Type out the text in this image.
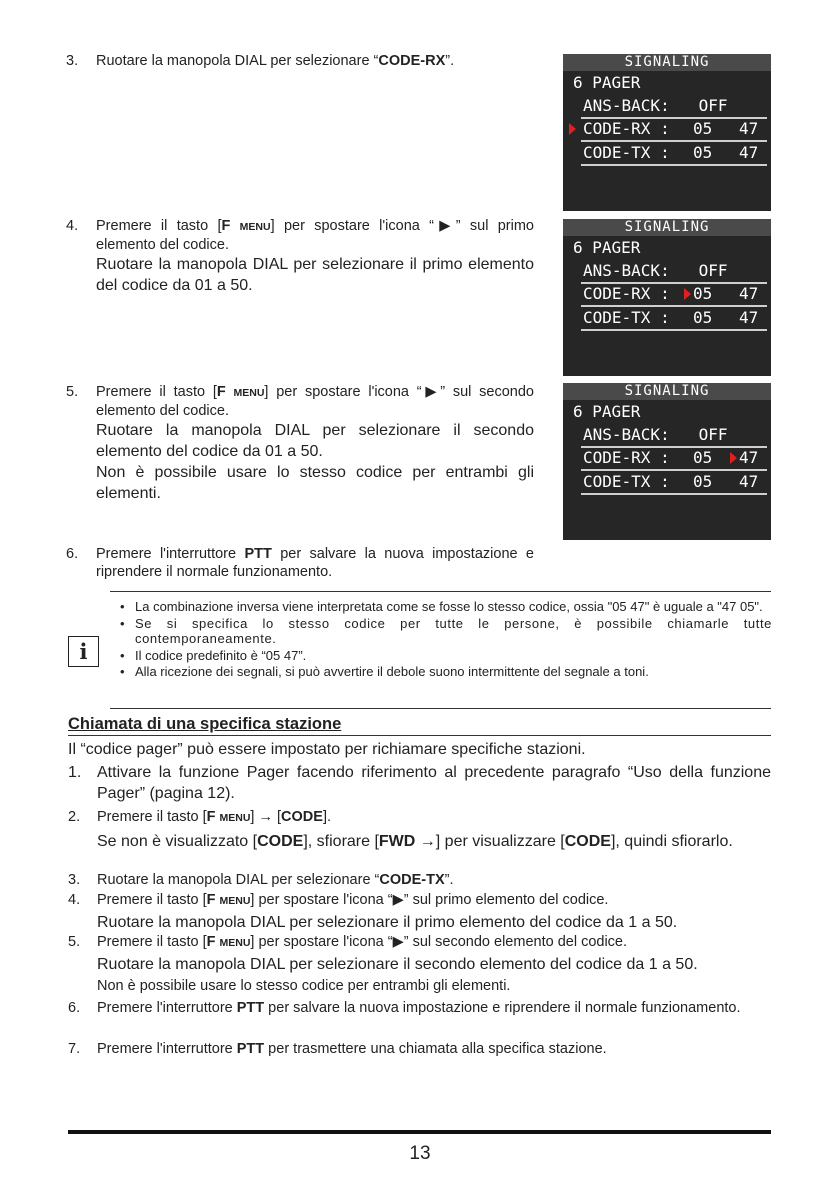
3. Ruotare la manopola DIAL per selezionare “CODE-RX”.

4. Premere il tasto [F MENU] per spostare l'icona “▶” sul primo elemento del codice.

Ruotare la manopola DIAL per selezionare il primo elemento del codice da 01 a 50.

5. Premere il tasto [F MENU] per spostare l'icona “▶” sul secondo elemento del codice.

Ruotare la manopola DIAL per selezionare il secondo elemento del codice da 01 a 50.

Non è possibile usare lo stesso codice per entrambi gli elementi.

6. Premere l'interruttore PTT per salvare la nuova impostazione e riprendere il normale funzionamento.

SIGNALING
6 PAGER
ANS-BACK:   OFF
CODE-RX :	05	47
CODE-TX :	05	47
SIGNALING
6 PAGER
ANS-BACK:   OFF
CODE-RX :	05	47
CODE-TX :	05	47
SIGNALING
6 PAGER
ANS-BACK:   OFF
CODE-RX :	05	47
CODE-TX :	05	47
i
• La combinazione inversa viene interpretata come se fosse lo stesso codice, ossia "05 47" è uguale a "47 05".
• Se si specifica lo stesso codice per tutte le persone, è possibile chiamarle tutte contemporaneamente.
• Il codice predefinito è “05 47”.
• Alla ricezione dei segnali, si può avvertire il debole suono intermittente del segnale a toni.
Chiamata di una specifica stazione
Il “codice pager” può essere impostato per richiamare specifiche stazioni.
1. Attivare la funzione Pager facendo riferimento al precedente paragrafo “Uso della funzione Pager” (pagina 12).

2. Premere il tasto [F MENU] → [CODE].

Se non è visualizzato [CODE], sfiorare [FWD →] per visualizzare [CODE], quindi sfiorarlo.

3. Ruotare la manopola DIAL per selezionare “CODE-TX”.

4. Premere il tasto [F MENU] per spostare l'icona “▶” sul primo elemento del codice.

Ruotare la manopola DIAL per selezionare il primo elemento del codice da 1 a 50.

5. Premere il tasto [F MENU] per spostare l'icona “▶” sul secondo elemento del codice.

Ruotare la manopola DIAL per selezionare il secondo elemento del codice da 1 a 50.

Non è possibile usare lo stesso codice per entrambi gli elementi.

6. Premere l'interruttore PTT per salvare la nuova impostazione e riprendere il normale funzionamento.

7. Premere l'interruttore PTT per trasmettere una chiamata alla specifica stazione.

13
